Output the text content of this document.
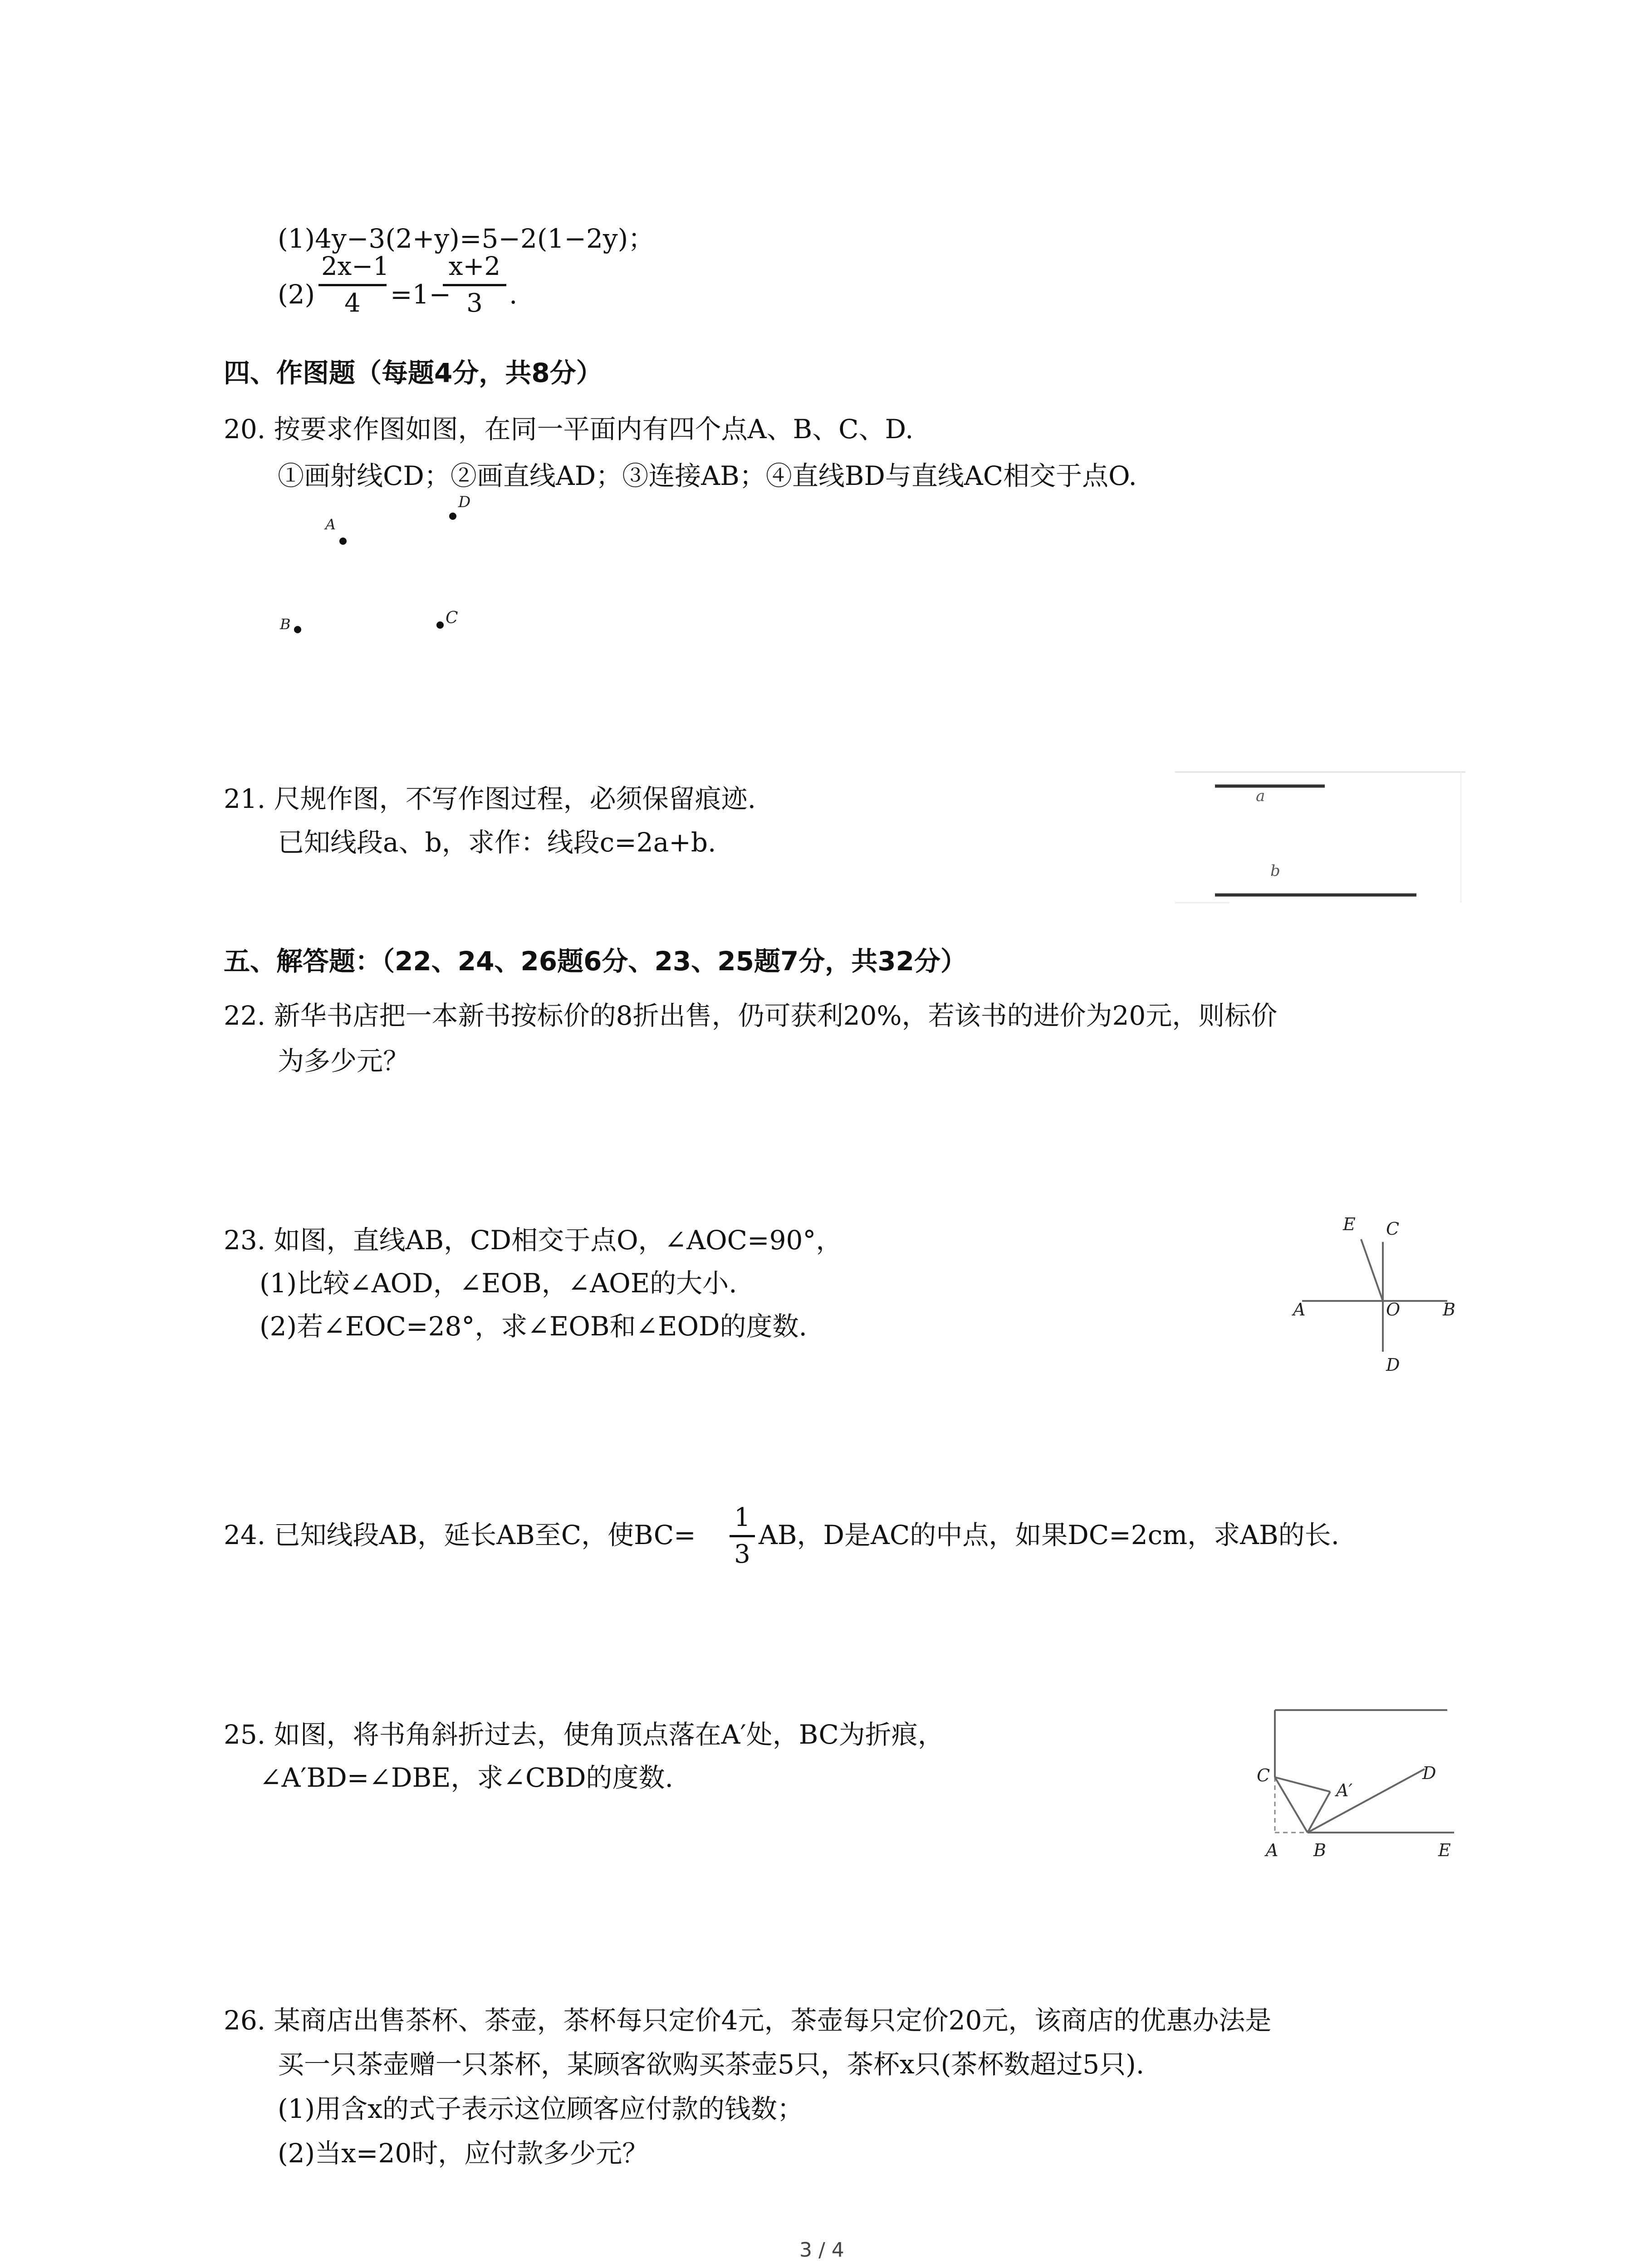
(1)4y−3(2+y)=5−2(1−2y)；
$(2) \frac{2x-1}{4} =1-$
$\frac{x+2}{3}$ .
四、作图题（每题4分，共8分）
20. 按要求作图如图，在同一平面内有四个点A、B、C、D.
①画射线CD；②画直线AD；③连接AB；④直线BD与直线AC相交于点O.
A
D
B	C
21. 尺规作图，不写作图过程，必须保留痕迹.
已知线段a、b，求作：线段c=2a+b.
a
b
五、解答题：（22、24、26题6分、23、25题7分，共32分）
22. 新华书店把一本新书按标价的8折出售，仍可获利20%，若该书的进价为20元，则标价
为多少元？
23. 如图，直线AB，CD相交于点O，∠AOC=90°，
(1)比较∠AOD，∠EOB，∠AOE的大小.
(2)若∠EOC=28°，求∠EOB和∠EOD的度数.
E C
A	O B
D
24. 已知线段AB，延长AB至C，使$BC= \frac{1}{3}$ AB，D是AC的中点，如果DC=2cm，求AB的长.
25. 如图，将书角斜折过去，使角顶点落在A′处，BC为折痕，
∠A′BD=∠DBE，求∠CBD的度数.	C
A′
D
A B	E
26. 某商店出售茶杯、茶壶，茶杯每只定价4元，茶壶每只定价20元，该商店的优惠办法是
买一只茶壶赠一只茶杯，某顾客欲购买茶壶5只，茶杯x只(茶杯数超过5只).
(1)用含x的式子表示这位顾客应付款的钱数；
(2)当x=20时，应付款多少元？
3 / 4
